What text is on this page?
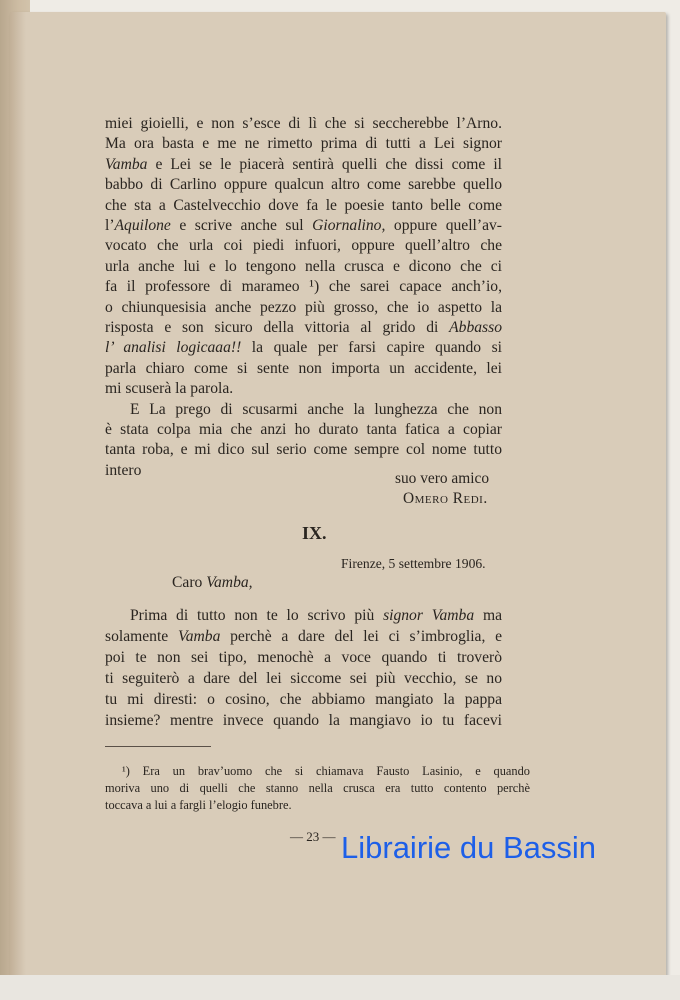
miei gioielli, e non s’esce di lì che si seccherebbe l’Arno.
Ma ora basta e me ne rimetto prima di tutti a Lei signor
Vamba e Lei se le piacerà sentirà quelli che dissi come il
babbo di Carlino oppure qualcun altro come sarebbe quello
che sta a Castelvecchio dove fa le poesie tanto belle come
l’Aquilone e scrive anche sul Giornalino, oppure quell’av-
vocato che urla coi piedi infuori, oppure quell’altro che
urla anche lui e lo tengono nella crusca e dicono che ci
fa il professore di marameo ¹) che sarei capace anch’io,
o chiunquesisia anche pezzo più grosso, che io aspetto la
risposta e son sicuro della vittoria al grido di Abbasso
l’ analisi logicaaa!! la quale per farsi capire quando si
parla chiaro come si sente non importa un accidente, lei
mi scuserà la parola.
E La prego di scusarmi anche la lunghezza che non
è stata colpa mia che anzi ho durato tanta fatica a copiar
tanta roba, e mi dico sul serio come sempre col nome tutto
intero	suo vero amico
Omero Redi.
IX.
Firenze, 5 settembre 1906.
Caro Vamba,
Prima di tutto non te lo scrivo più signor Vamba ma
solamente Vamba perchè a dare del lei ci s’imbroglia, e
poi te non sei tipo, menochè a voce quando ti troverò
ti seguiterò a dare del lei siccome sei più vecchio, se no
tu mi diresti: o cosino, che abbiamo mangiato la pappa
insieme? mentre invece quando la mangiavo io tu facevi
¹) Era un brav’uomo che si chiamava Fausto Lasinio, e quando
moriva uno di quelli che stanno nella crusca era tutto contento perchè
toccava a lui a fargli l’elogio funebre.
— 23 — Librairie du Bassin
